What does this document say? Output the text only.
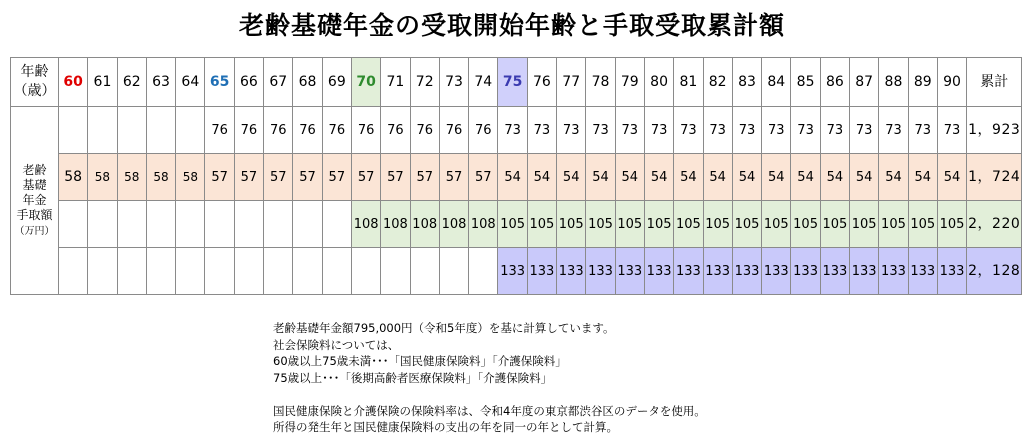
老齢基礎年金の受取開始年齢と手取受取累計額
年齢
（歳）	60	61	62	63	64	65	66	67	68	69	70	71	72	73	74	75	76	77	78	79	80	81	82	83	84	85	86	87	88	89	90	累計
老齢
基礎
年金
手取額
（万円）						76	76	76	76	76	76	76	76	76	76	73	73	73	73	73	73	73	73	73	73	73	73	73	73	73	73	1，923
	58	58	58	58	58	57	57	57	57	57	57	57	57	57	57	54	54	54	54	54	54	54	54	54	54	54	54	54	54	54	54	1，724
											108	108	108	108	108	105	105	105	105	105	105	105	105	105	105	105	105	105	105	105	105	2，220
																133	133	133	133	133	133	133	133	133	133	133	133	133	133	133	133	2，128
老齢基礎年金額795,000円（令和5年度）を基に計算しています。
社会保険料については、
60歳以上75歳未満･･･「国民健康保険料」「介護保険料」
75歳以上･･･「後期高齢者医療保険料」「介護保険料」

国民健康保険と介護保険の保険料率は、令和4年度の東京都渋谷区のデータを使用。
所得の発生年と国民健康保険料の支出の年を同一の年として計算。
